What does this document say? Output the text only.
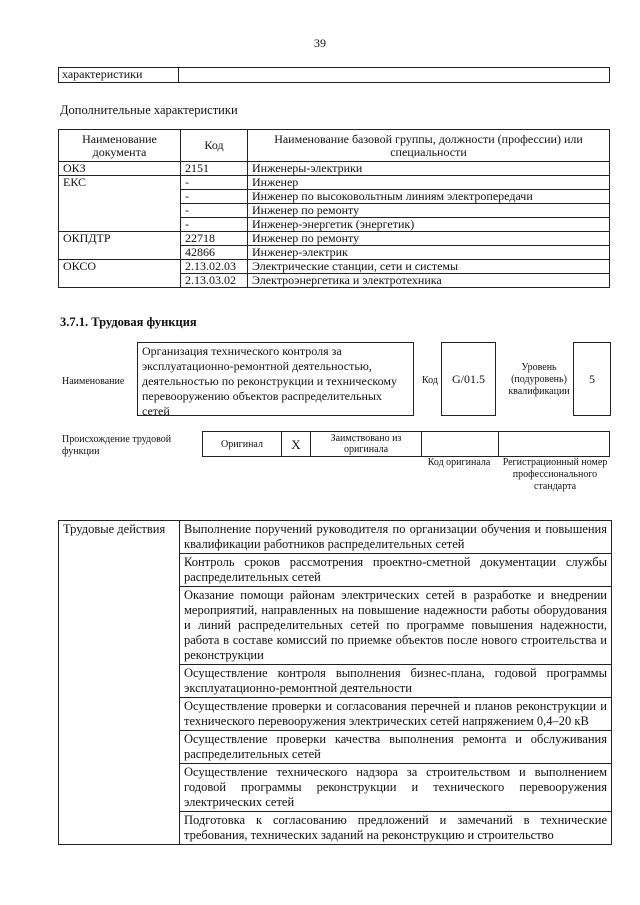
39
характеристики	
Дополнительные характеристики
Наименование документа	Код	Наименование базовой группы, должности (профессии) или специальности
ОКЗ	2151	Инженеры-электрики
ЕКС	-	Инженер
	-	Инженер по высоковольтным линиям электропередачи
	-	Инженер по ремонту
	-	Инженер-энергетик (энергетик)
ОКПДТР	22718	Инженер по ремонту
	42866	Инженер-электрик
ОКСО	2.13.02.03	Электрические станции, сети и системы
	2.13.03.02	Электроэнергетика и электротехника
3.7.1. Трудовая функция
Наименование
Организация технического контроля за эксплуатационно-ремонтной деятельностью, деятельностью по реконструкции и техническому перевооружению объектов распределительных сетей
Код	G/01.5
Уровень (подуровень) квалификации
5
Происхождение трудовой функции
Оригинал	X	Заимствовано из оригинала		
Код оригинала	Регистрационный номер профессионального стандарта
Трудовые действия	Выполнение поручений руководителя по организации обучения и повышения квалификации работников распределительных сетей
Контроль сроков рассмотрения проектно-сметной документации службы распределительных сетей
Оказание помощи районам электрических сетей в разработке и внедрении мероприятий, направленных на повышение надежности работы оборудования и линий распределительных сетей по программе повышения надежности, работа в составе комиссий по приемке объектов после нового строительства и реконструкции
Осуществление контроля выполнения бизнес-плана, годовой программы эксплуатационно-ремонтной деятельности
Осуществление проверки и согласования перечней и планов реконструкции и технического перевооружения электрических сетей напряжением 0,4–20 кВ
Осуществление проверки качества выполнения ремонта и обслуживания распределительных сетей
Осуществление технического надзора за строительством и выполнением годовой программы реконструкции и технического перевооружения электрических сетей
Подготовка к согласованию предложений и замечаний в технические требования, технических заданий на реконструкцию и строительство
